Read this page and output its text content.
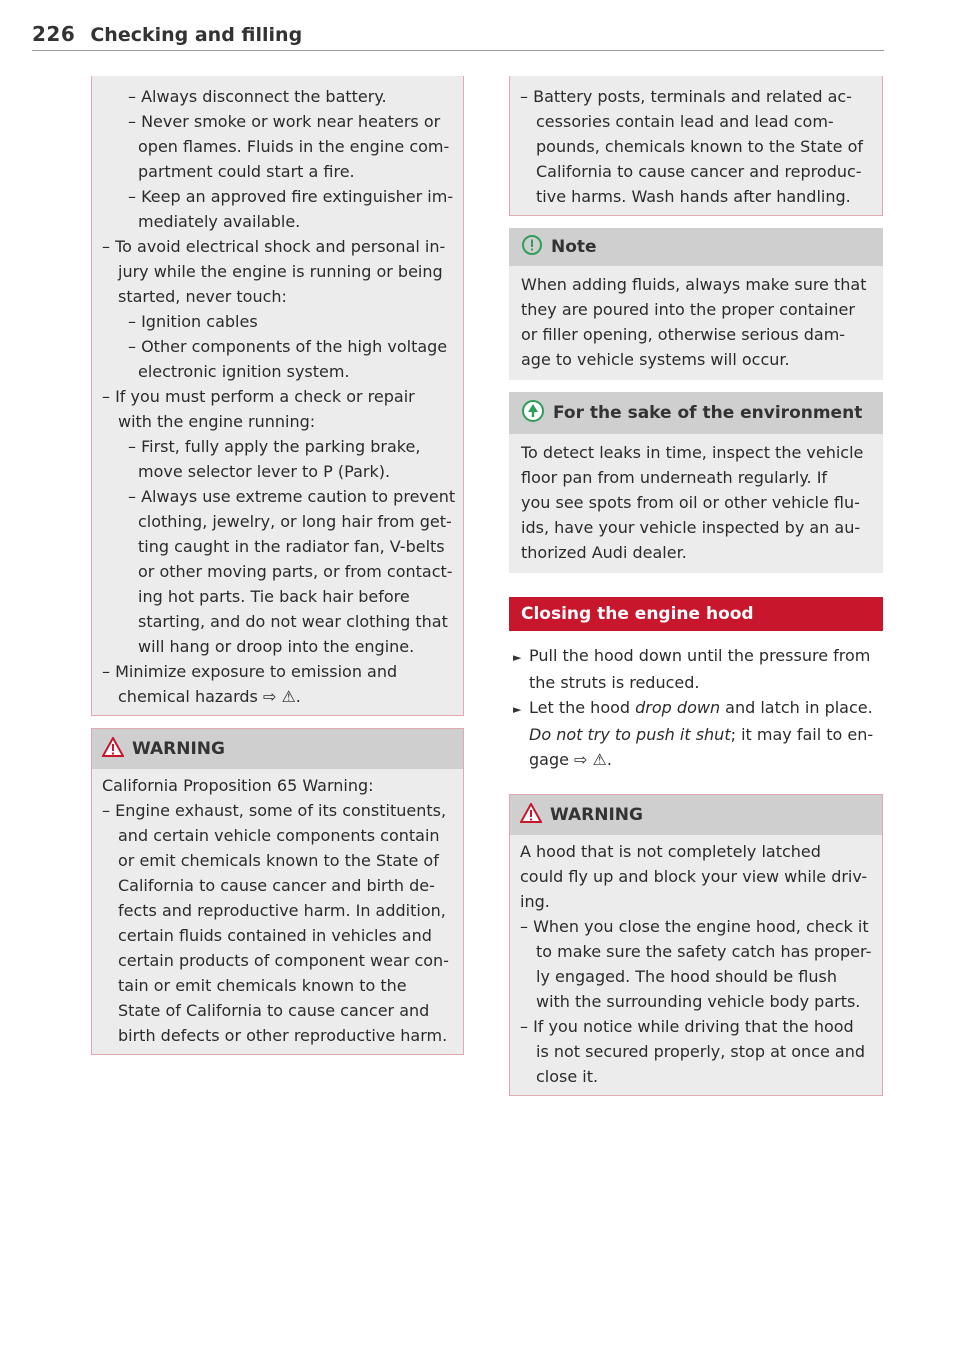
226 Checking and filling
– Always disconnect the battery.
– Never smoke or work near heaters or
open flames. Fluids in the engine com-
partment could start a fire.
– Keep an approved fire extinguisher im-
mediately available.
– To avoid electrical shock and personal in-
jury while the engine is running or being
started, never touch:
– Ignition cables
– Other components of the high voltage
electronic ignition system.
– If you must perform a check or repair
with the engine running:
– First, fully apply the parking brake,
move selector lever to P (Park).
– Always use extreme caution to prevent
clothing, jewelry, or long hair from get-
ting caught in the radiator fan, V-belts
or other moving parts, or from contact-
ing hot parts. Tie back hair before
starting, and do not wear clothing that
will hang or droop into the engine.
– Minimize exposure to emission and
chemical hazards ⇨ ⚠.
WARNING
California Proposition 65 Warning:
– Engine exhaust, some of its constituents,
and certain vehicle components contain
or emit chemicals known to the State of
California to cause cancer and birth de-
fects and reproductive harm. In addition,
certain fluids contained in vehicles and
certain products of component wear con-
tain or emit chemicals known to the
State of California to cause cancer and
birth defects or other reproductive harm.
– Battery posts, terminals and related ac-
cessories contain lead and lead com-
pounds, chemicals known to the State of
California to cause cancer and reproduc-
tive harms. Wash hands after handling.
Note
When adding fluids, always make sure that
they are poured into the proper container
or filler opening, otherwise serious dam-
age to vehicle systems will occur.
For the sake of the environment
To detect leaks in time, inspect the vehicle
floor pan from underneath regularly. If
you see spots from oil or other vehicle flu-
ids, have your vehicle inspected by an au-
thorized Audi dealer.
Closing the engine hood
► Pull the hood down until the pressure from
the struts is reduced.
► Let the hood drop down and latch in place.
Do not try to push it shut; it may fail to en-
gage ⇨ ⚠.
WARNING
A hood that is not completely latched
could fly up and block your view while driv-
ing.
– When you close the engine hood, check it
to make sure the safety catch has proper-
ly engaged. The hood should be flush
with the surrounding vehicle body parts.
– If you notice while driving that the hood
is not secured properly, stop at once and
close it.
